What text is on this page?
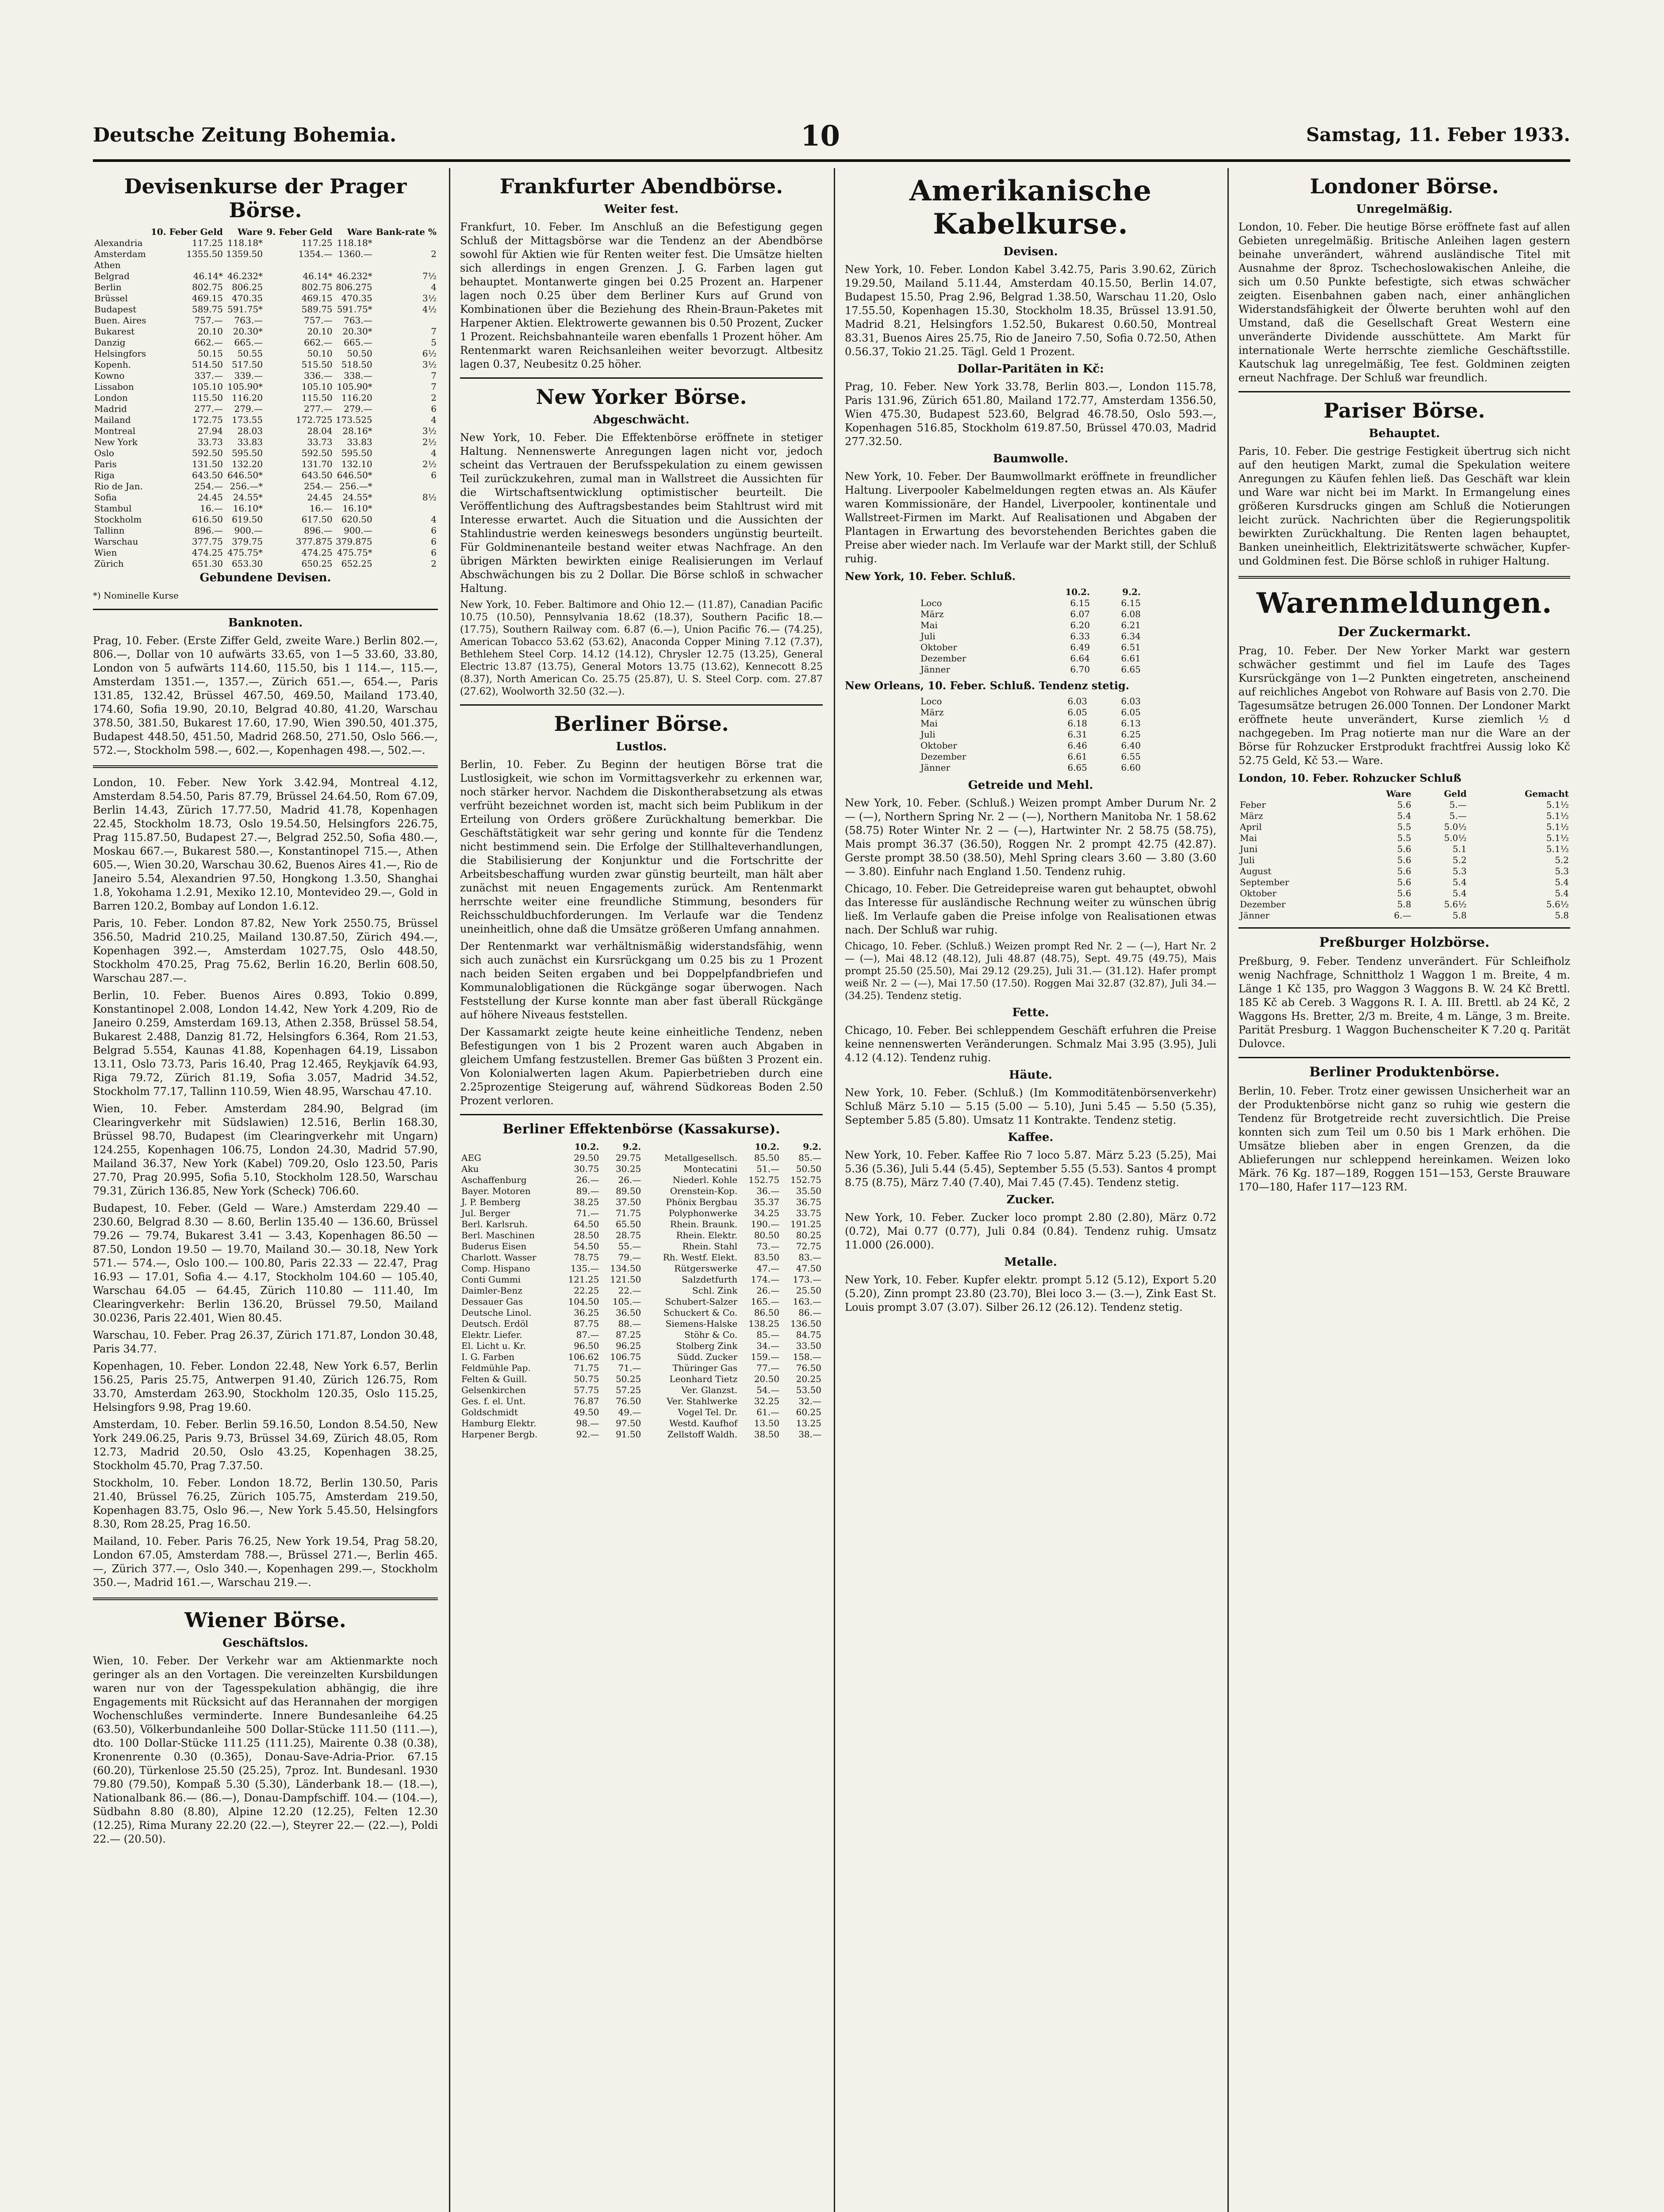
Deutsche Zeitung Bohemia.	10	Samstag, 11. Feber 1933.
Devisenkurse der Prager Börse.
	10. Feber Geld	Ware	9. Feber Geld	Ware	Bank-rate %
Alexandria	117.25	118.18*	117.25	118.18*	
Amsterdam	1355.50	1359.50	1354.—	1360.—	2
Athen					
Belgrad	46.14*	46.232*	46.14*	46.232*	7½
Berlin	802.75	806.25	802.75	806.275	4
Brüssel	469.15	470.35	469.15	470.35	3½
Budapest	589.75	591.75*	589.75	591.75*	4½
Buen. Aires	757.—	763.—	757.—	763.—	
Bukarest	20.10	20.30*	20.10	20.30*	7
Danzig	662.—	665.—	662.—	665.—	5
Helsingfors	50.15	50.55	50.10	50.50	6½
Kopenh.	514.50	517.50	515.50	518.50	3½
Kowno	337.—	339.—	336.—	338.—	7
Lissabon	105.10	105.90*	105.10	105.90*	7
London	115.50	116.20	115.50	116.20	2
Madrid	277.—	279.—	277.—	279.—	6
Mailand	172.75	173.55	172.725	173.525	4
Montreal	27.94	28.03	28.04	28.16*	3½
New York	33.73	33.83	33.73	33.83	2½
Oslo	592.50	595.50	592.50	595.50	4
Paris	131.50	132.20	131.70	132.10	2½
Riga	643.50	646.50*	643.50	646.50*	6
Rio de Jan.	254.—	256.—*	254.—	256.—*	
Sofia	24.45	24.55*	24.45	24.55*	8½
Stambul	16.—	16.10*	16.—	16.10*	
Stockholm	616.50	619.50	617.50	620.50	4
Tallinn	896.—	900.—	896.—	900.—	6
Warschau	377.75	379.75	377.875	379.875	6
Wien	474.25	475.75*	474.25	475.75*	6
Zürich	651.30	653.30	650.25	652.25	2
Gebundene Devisen.
*) Nominelle Kurse
Banknoten.

Prag, 10. Feber. (Erste Ziffer Geld, zweite Ware.) Berlin 802.—, 806.—, Dollar von 10 aufwärts 33.65, von 1—5 33.60, 33.80, London von 5 aufwärts 114.60, 115.50, bis 1 114.—, 115.—, Amsterdam 1351.—, 1357.—, Zürich 651.—, 654.—, Paris 131.85, 132.42, Brüssel 467.50, 469.50, Mailand 173.40, 174.60, Sofia 19.90, 20.10, Belgrad 40.80, 41.20, Warschau 378.50, 381.50, Bukarest 17.60, 17.90, Wien 390.50, 401.375, Budapest 448.50, 451.50, Madrid 268.50, 271.50, Oslo 566.—, 572.—, Stockholm 598.—, 602.—, Kopenhagen 498.—, 502.—.

London, 10. Feber. New York 3.42.94, Montreal 4.12, Amsterdam 8.54.50, Paris 87.79, Brüssel 24.64.50, Rom 67.09, Berlin 14.43, Zürich 17.77.50, Madrid 41.78, Kopenhagen 22.45, Stockholm 18.73, Oslo 19.54.50, Helsingfors 226.75, Prag 115.87.50, Budapest 27.—, Belgrad 252.50, Sofia 480.—, Moskau 667.—, Bukarest 580.—, Konstantinopel 715.—, Athen 605.—, Wien 30.20, Warschau 30.62, Buenos Aires 41.—, Rio de Janeiro 5.54, Alexandrien 97.50, Hongkong 1.3.50, Shanghai 1.8, Yokohama 1.2.91, Mexiko 12.10, Montevideo 29.—, Gold in Barren 120.2, Bombay auf London 1.6.12.

Paris, 10. Feber. London 87.82, New York 2550.75, Brüssel 356.50, Madrid 210.25, Mailand 130.87.50, Zürich 494.—, Kopenhagen 392.—, Amsterdam 1027.75, Oslo 448.50, Stockholm 470.25, Prag 75.62, Berlin 16.20, Berlin 608.50, Warschau 287.—.

Berlin, 10. Feber. Buenos Aires 0.893, Tokio 0.899, Konstantinopel 2.008, London 14.42, New York 4.209, Rio de Janeiro 0.259, Amsterdam 169.13, Athen 2.358, Brüssel 58.54, Bukarest 2.488, Danzig 81.72, Helsingfors 6.364, Rom 21.53, Belgrad 5.554, Kaunas 41.88, Kopenhagen 64.19, Lissabon 13.11, Oslo 73.73, Paris 16.40, Prag 12.465, Reykjavík 64.93, Riga 79.72, Zürich 81.19, Sofia 3.057, Madrid 34.52, Stockholm 77.17, Tallinn 110.59, Wien 48.95, Warschau 47.10.

Wien, 10. Feber. Amsterdam 284.90, Belgrad (im Clearingverkehr mit Südslawien) 12.516, Berlin 168.30, Brüssel 98.70, Budapest (im Clearingverkehr mit Ungarn) 124.255, Kopenhagen 106.75, London 24.30, Madrid 57.90, Mailand 36.37, New York (Kabel) 709.20, Oslo 123.50, Paris 27.70, Prag 20.995, Sofia 5.10, Stockholm 128.50, Warschau 79.31, Zürich 136.85, New York (Scheck) 706.60.

Budapest, 10. Feber. (Geld — Ware.) Amsterdam 229.40 — 230.60, Belgrad 8.30 — 8.60, Berlin 135.40 — 136.60, Brüssel 79.26 — 79.74, Bukarest 3.41 — 3.43, Kopenhagen 86.50 — 87.50, London 19.50 — 19.70, Mailand 30.— 30.18, New York 571.— 574.—, Oslo 100.— 100.80, Paris 22.33 — 22.47, Prag 16.93 — 17.01, Sofia 4.— 4.17, Stockholm 104.60 — 105.40, Warschau 64.05 — 64.45, Zürich 110.80 — 111.40, Im Clearingverkehr: Berlin 136.20, Brüssel 79.50, Mailand 30.0236, Paris 22.401, Wien 80.45.

Warschau, 10. Feber. Prag 26.37, Zürich 171.87, London 30.48, Paris 34.77.

Kopenhagen, 10. Feber. London 22.48, New York 6.57, Berlin 156.25, Paris 25.75, Antwerpen 91.40, Zürich 126.75, Rom 33.70, Amsterdam 263.90, Stockholm 120.35, Oslo 115.25, Helsingfors 9.98, Prag 19.60.

Amsterdam, 10. Feber. Berlin 59.16.50, London 8.54.50, New York 249.06.25, Paris 9.73, Brüssel 34.69, Zürich 48.05, Rom 12.73, Madrid 20.50, Oslo 43.25, Kopenhagen 38.25, Stockholm 45.70, Prag 7.37.50.

Stockholm, 10. Feber. London 18.72, Berlin 130.50, Paris 21.40, Brüssel 76.25, Zürich 105.75, Amsterdam 219.50, Kopenhagen 83.75, Oslo 96.—, New York 5.45.50, Helsingfors 8.30, Rom 28.25, Prag 16.50.

Mailand, 10. Feber. Paris 76.25, New York 19.54, Prag 58.20, London 67.05, Amsterdam 788.—, Brüssel 271.—, Berlin 465.—, Zürich 377.—, Oslo 340.—, Kopenhagen 299.—, Stockholm 350.—, Madrid 161.—, Warschau 219.—.

Wiener Börse.
Geschäftslos.

Wien, 10. Feber. Der Verkehr war am Aktienmarkte noch geringer als an den Vortagen. Die vereinzelten Kursbildungen waren nur von der Tagesspekulation abhängig, die ihre Engagements mit Rücksicht auf das Herannahen der morgigen Wochenschlußes verminderte. Innere Bundesanleihe 64.25 (63.50), Völkerbundanleihe 500 Dollar-Stücke 111.50 (111.—), dto. 100 Dollar-Stücke 111.25 (111.25), Mairente 0.38 (0.38), Kronenrente 0.30 (0.365), Donau-Save-Adria-Prior. 67.15 (60.20), Türkenlose 25.50 (25.25), 7proz. Int. Bundesanl. 1930 79.80 (79.50), Kompaß 5.30 (5.30), Länderbank 18.— (18.—), Nationalbank 86.— (86.—), Donau-Dampfschiff. 104.— (104.—), Südbahn 8.80 (8.80), Alpine 12.20 (12.25), Felten 12.30 (12.25), Rima Murany 22.20 (22.—), Steyrer 22.— (22.—), Poldi 22.— (20.50).

Frankfurter Abendbörse.
Weiter fest.

Frankfurt, 10. Feber. Im Anschluß an die Befestigung gegen Schluß der Mittagsbörse war die Tendenz an der Abendbörse sowohl für Aktien wie für Renten weiter fest. Die Umsätze hielten sich allerdings in engen Grenzen. J. G. Farben lagen gut behauptet. Montanwerte gingen bei 0.25 Prozent an. Harpener lagen noch 0.25 über dem Berliner Kurs auf Grund von Kombinationen über die Beziehung des Rhein-Braun-Paketes mit Harpener Aktien. Elektrowerte gewannen bis 0.50 Prozent, Zucker 1 Prozent. Reichsbahnanteile waren ebenfalls 1 Prozent höher. Am Rentenmarkt waren Reichsanleihen weiter bevorzugt. Altbesitz lagen 0.37, Neubesitz 0.25 höher.

New Yorker Börse.
Abgeschwächt.

New York, 10. Feber. Die Effektenbörse eröffnete in stetiger Haltung. Nennenswerte Anregungen lagen nicht vor, jedoch scheint das Vertrauen der Berufsspekulation zu einem gewissen Teil zurückzukehren, zumal man in Wallstreet die Aussichten für die Wirtschaftsentwicklung optimistischer beurteilt. Die Veröffentlichung des Auftragsbestandes beim Stahltrust wird mit Interesse erwartet. Auch die Situation und die Aussichten der Stahlindustrie werden keineswegs besonders ungünstig beurteilt. Für Goldminenanteile bestand weiter etwas Nachfrage. An den übrigen Märkten bewirkten einige Realisierungen im Verlauf Abschwächungen bis zu 2 Dollar. Die Börse schloß in schwacher Haltung.

New York, 10. Feber. Baltimore and Ohio 12.— (11.87), Canadian Pacific 10.75 (10.50), Pennsylvania 18.62 (18.37), Southern Pacific 18.— (17.75), Southern Railway com. 6.87 (6.—), Union Pacific 76.— (74.25), American Tobacco 53.62 (53.62), Anaconda Copper Mining 7.12 (7.37), Bethlehem Steel Corp. 14.12 (14.12), Chrysler 12.75 (13.25), General Electric 13.87 (13.75), General Motors 13.75 (13.62), Kennecott 8.25 (8.37), North American Co. 25.75 (25.87), U. S. Steel Corp. com. 27.87 (27.62), Woolworth 32.50 (32.—).

Berliner Börse.
Lustlos.

Berlin, 10. Feber. Zu Beginn der heutigen Börse trat die Lustlosigkeit, wie schon im Vormittagsverkehr zu erkennen war, noch stärker hervor. Nachdem die Diskontherabsetzung als etwas verfrüht bezeichnet worden ist, macht sich beim Publikum in der Erteilung von Orders größere Zurückhaltung bemerkbar. Die Geschäftstätigkeit war sehr gering und konnte für die Tendenz nicht bestimmend sein. Die Erfolge der Stillhalteverhandlungen, die Stabilisierung der Konjunktur und die Fortschritte der Arbeitsbeschaffung wurden zwar günstig beurteilt, man hält aber zunächst mit neuen Engagements zurück. Am Rentenmarkt herrschte weiter eine freundliche Stimmung, besonders für Reichsschuldbuchforderungen. Im Verlaufe war die Tendenz uneinheitlich, ohne daß die Umsätze größeren Umfang annahmen.

Der Rentenmarkt war verhältnismäßig widerstandsfähig, wenn sich auch zunächst ein Kursrückgang um 0.25 bis zu 1 Prozent nach beiden Seiten ergaben und bei Doppelpfandbriefen und Kommunalobligationen die Rückgänge sogar überwogen. Nach Feststellung der Kurse konnte man aber fast überall Rückgänge auf höhere Niveaus feststellen.

Der Kassamarkt zeigte heute keine einheitliche Tendenz, neben Befestigungen von 1 bis 2 Prozent waren auch Abgaben in gleichem Umfang festzustellen. Bremer Gas büßten 3 Prozent ein. Von Kolonialwerten lagen Akum. Papierbetrieben durch eine 2.25prozentige Steigerung auf, während Südkoreas Boden 2.50 Prozent verloren.

Berliner Effektenbörse (Kassakurse).
	10.2.	9.2.		10.2.	9.2.
AEG	29.50	29.75	Metallgesellsch.	85.50	85.—
Aku	30.75	30.25	Montecatini	51.—	50.50
Aschaffenburg	26.—	26.—	Niederl. Kohle	152.75	152.75
Bayer. Motoren	89.—	89.50	Orenstein-Kop.	36.—	35.50
J. P. Bemberg	38.25	37.50	Phönix Bergbau	35.37	36.75
Jul. Berger	71.—	71.75	Polyphonwerke	34.25	33.75
Berl. Karlsruh.	64.50	65.50	Rhein. Braunk.	190.—	191.25
Berl. Maschinen	28.50	28.75	Rhein. Elektr.	80.50	80.25
Buderus Eisen	54.50	55.—	Rhein. Stahl	73.—	72.75
Charlott. Wasser	78.75	79.—	Rh. Westf. Elekt.	83.50	83.—
Comp. Hispano	135.—	134.50	Rütgerswerke	47.—	47.50
Conti Gummi	121.25	121.50	Salzdetfurth	174.—	173.—
Daimler-Benz	22.25	22.—	Schl. Zink	26.—	25.50
Dessauer Gas	104.50	105.—	Schubert-Salzer	165.—	163.—
Deutsche Linol.	36.25	36.50	Schuckert & Co.	86.50	86.—
Deutsch. Erdöl	87.75	88.—	Siemens-Halske	138.25	136.50
Elektr. Liefer.	87.—	87.25	Stöhr & Co.	85.—	84.75
El. Licht u. Kr.	96.50	96.25	Stolberg Zink	34.—	33.50
I. G. Farben	106.62	106.75	Südd. Zucker	159.—	158.—
Feldmühle Pap.	71.75	71.—	Thüringer Gas	77.—	76.50
Felten & Guill.	50.75	50.25	Leonhard Tietz	20.50	20.25
Gelsenkirchen	57.75	57.25	Ver. Glanzst.	54.—	53.50
Ges. f. el. Unt.	76.87	76.50	Ver. Stahlwerke	32.25	32.—
Goldschmidt	49.50	49.—	Vogel Tel. Dr.	61.—	60.25
Hamburg Elektr.	98.—	97.50	Westd. Kaufhof	13.50	13.25
Harpener Bergb.	92.—	91.50	Zellstoff Waldh.	38.50	38.—
Amerikanische Kabelkurse.
Devisen.

New York, 10. Feber. London Kabel 3.42.75, Paris 3.90.62, Zürich 19.29.50, Mailand 5.11.44, Amsterdam 40.15.50, Berlin 14.07, Budapest 15.50, Prag 2.96, Belgrad 1.38.50, Warschau 11.20, Oslo 17.55.50, Kopenhagen 15.30, Stockholm 18.35, Brüssel 13.91.50, Madrid 8.21, Helsingfors 1.52.50, Bukarest 0.60.50, Montreal 83.31, Buenos Aires 25.75, Rio de Janeiro 7.50, Sofia 0.72.50, Athen 0.56.37, Tokio 21.25. Tägl. Geld 1 Prozent.

Dollar-Paritäten in Kč:

Prag, 10. Feber. New York 33.78, Berlin 803.—, London 115.78, Paris 131.96, Zürich 651.80, Mailand 172.77, Amsterdam 1356.50, Wien 475.30, Budapest 523.60, Belgrad 46.78.50, Oslo 593.—, Kopenhagen 516.85, Stockholm 619.87.50, Brüssel 470.03, Madrid 277.32.50.

Baumwolle.

New York, 10. Feber. Der Baumwollmarkt eröffnete in freundlicher Haltung. Liverpooler Kabelmeldungen regten etwas an. Als Käufer waren Kommissionäre, der Handel, Liverpooler, kontinentale und Wallstreet-Firmen im Markt. Auf Realisationen und Abgaben der Plantagen in Erwartung des bevorstehenden Berichtes gaben die Preise aber wieder nach. Im Verlaufe war der Markt still, der Schluß ruhig.

New York, 10. Feber. Schluß.
	10.2.	9.2.
Loco	6.15	6.15
März	6.07	6.08
Mai	6.20	6.21
Juli	6.33	6.34
Oktober	6.49	6.51
Dezember	6.64	6.61
Jänner	6.70	6.65
New Orleans, 10. Feber. Schluß. Tendenz stetig.
Loco	6.03	6.03
März	6.05	6.05
Mai	6.18	6.13
Juli	6.31	6.25
Oktober	6.46	6.40
Dezember	6.61	6.55
Jänner	6.65	6.60
Getreide und Mehl.

New York, 10. Feber. (Schluß.) Weizen prompt Amber Durum Nr. 2 — (—), Northern Spring Nr. 2 — (—), Northern Manitoba Nr. 1 58.62 (58.75) Roter Winter Nr. 2 — (—), Hartwinter Nr. 2 58.75 (58.75), Mais prompt 36.37 (36.50), Roggen Nr. 2 prompt 42.75 (42.87). Gerste prompt 38.50 (38.50), Mehl Spring clears 3.60 — 3.80 (3.60 — 3.80). Einfuhr nach England 1.50. Tendenz ruhig.

Chicago, 10. Feber. Die Getreidepreise waren gut behauptet, obwohl das Interesse für ausländische Rechnung weiter zu wünschen übrig ließ. Im Verlaufe gaben die Preise infolge von Realisationen etwas nach. Der Schluß war ruhig.

Chicago, 10. Feber. (Schluß.) Weizen prompt Red Nr. 2 — (—), Hart Nr. 2 — (—), Mai 48.12 (48.12), Juli 48.87 (48.75), Sept. 49.75 (49.75), Mais prompt 25.50 (25.50), Mai 29.12 (29.25), Juli 31.— (31.12). Hafer prompt weiß Nr. 2 — (—), Mai 17.50 (17.50). Roggen Mai 32.87 (32.87), Juli 34.— (34.25). Tendenz stetig.

Fette.

Chicago, 10. Feber. Bei schleppendem Geschäft erfuhren die Preise keine nennenswerten Veränderungen. Schmalz Mai 3.95 (3.95), Juli 4.12 (4.12). Tendenz ruhig.

Häute.

New York, 10. Feber. (Schluß.) (Im Kommoditätenbörsenverkehr) Schluß März 5.10 — 5.15 (5.00 — 5.10), Juni 5.45 — 5.50 (5.35), September 5.85 (5.80). Umsatz 11 Kontrakte. Tendenz stetig.

Kaffee.

New York, 10. Feber. Kaffee Rio 7 loco 5.87. März 5.23 (5.25), Mai 5.36 (5.36), Juli 5.44 (5.45), September 5.55 (5.53). Santos 4 prompt 8.75 (8.75), März 7.40 (7.40), Mai 7.45 (7.45). Tendenz stetig.

Zucker.

New York, 10. Feber. Zucker loco prompt 2.80 (2.80), März 0.72 (0.72), Mai 0.77 (0.77), Juli 0.84 (0.84). Tendenz ruhig. Umsatz 11.000 (26.000).

Metalle.

New York, 10. Feber. Kupfer elektr. prompt 5.12 (5.12), Export 5.20 (5.20), Zinn prompt 23.80 (23.70), Blei loco 3.— (3.—), Zink East St. Louis prompt 3.07 (3.07). Silber 26.12 (26.12). Tendenz stetig.

Londoner Börse.
Unregelmäßig.

London, 10. Feber. Die heutige Börse eröffnete fast auf allen Gebieten unregelmäßig. Britische Anleihen lagen gestern beinahe unverändert, während ausländische Titel mit Ausnahme der 8proz. Tschechoslowakischen Anleihe, die sich um 0.50 Punkte befestigte, sich etwas schwächer zeigten. Eisenbahnen gaben nach, einer anhänglichen Widerstandsfähigkeit der Ölwerte beruhten wohl auf den Umstand, daß die Gesellschaft Great Western eine unveränderte Dividende ausschüttete. Am Markt für internationale Werte herrschte ziemliche Geschäftsstille. Kautschuk lag unregelmäßig, Tee fest. Goldminen zeigten erneut Nachfrage. Der Schluß war freundlich.

Pariser Börse.
Behauptet.

Paris, 10. Feber. Die gestrige Festigkeit übertrug sich nicht auf den heutigen Markt, zumal die Spekulation weitere Anregungen zu Käufen fehlen ließ. Das Geschäft war klein und Ware war nicht bei im Markt. In Ermangelung eines größeren Kursdrucks gingen am Schluß die Notierungen leicht zurück. Nachrichten über die Regierungspolitik bewirkten Zurückhaltung. Die Renten lagen behauptet, Banken uneinheitlich, Elektrizitätswerte schwächer, Kupfer- und Goldminen fest. Die Börse schloß in ruhiger Haltung.

Warenmeldungen.
Der Zuckermarkt.

Prag, 10. Feber. Der New Yorker Markt war gestern schwächer gestimmt und fiel im Laufe des Tages Kursrückgänge von 1—2 Punkten eingetreten, anscheinend auf reichliches Angebot von Rohware auf Basis von 2.70. Die Tagesumsätze betrugen 26.000 Tonnen. Der Londoner Markt eröffnete heute unverändert, Kurse ziemlich ½ d nachgegeben. Im Prag notierte man nur die Ware an der Börse für Rohzucker Erstprodukt frachtfrei Aussig loko Kč 52.75 Geld, Kč 53.— Ware.

London, 10. Feber. Rohzucker Schluß
	Ware	Geld	Gemacht
Feber	5.6	5.—	5.1½
März	5.4	5.—	5.1½
April	5.5	5.0½	5.1½
Mai	5.5	5.0½	5.1½
Juni	5.6	5.1	5.1½
Juli	5.6	5.2	5.2
August	5.6	5.3	5.3
September	5.6	5.4	5.4
Oktober	5.6	5.4	5.4
Dezember	5.8	5.6½	5.6½
Jänner	6.—	5.8	5.8
Preßburger Holzbörse.

Preßburg, 9. Feber. Tendenz unverändert. Für Schleifholz wenig Nachfrage, Schnittholz 1 Waggon 1 m. Breite, 4 m. Länge 1 Kč 135, pro Waggon 3 Waggons B. W. 24 Kč Brettl. 185 Kč ab Cereb. 3 Waggons R. I. A. III. Brettl. ab 24 Kč, 2 Waggons Hs. Bretter, 2/3 m. Breite, 4 m. Länge, 3 m. Breite. Parität Presburg. 1 Waggon Buchenscheiter K 7.20 q. Parität Dulovce.

Berliner Produktenbörse.

Berlin, 10. Feber. Trotz einer gewissen Unsicherheit war an der Produktenbörse nicht ganz so ruhig wie gestern die Tendenz für Brotgetreide recht zuversichtlich. Die Preise konnten sich zum Teil um 0.50 bis 1 Mark erhöhen. Die Umsätze blieben aber in engen Grenzen, da die Ablieferungen nur schleppend hereinkamen. Weizen loko Märk. 76 Kg. 187—189, Roggen 151—153, Gerste Brauware 170—180, Hafer 117—123 RM.
